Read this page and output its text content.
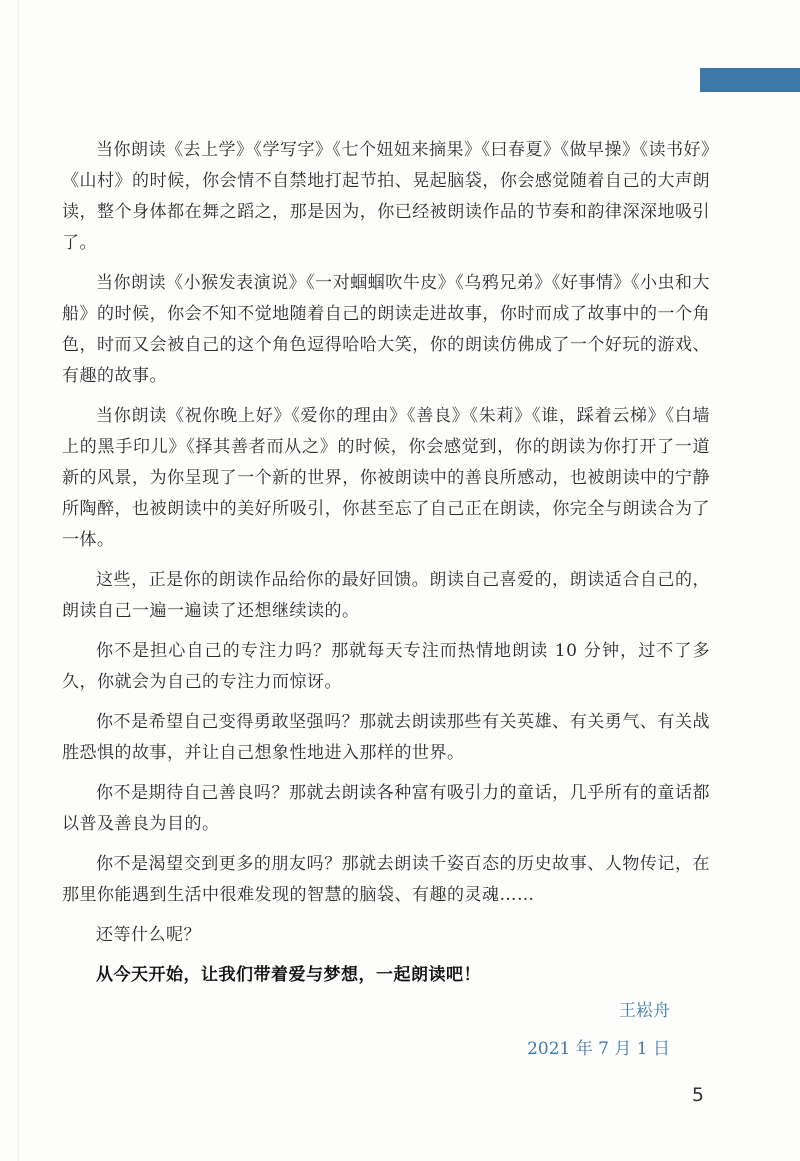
当你朗读《去上学》《学写字》《七个妞妞来摘果》《曰春夏》《做早操》《读书好》《山村》的时候，你会情不自禁地打起节拍、晃起脑袋，你会感觉随着自己的大声朗读，整个身体都在舞之蹈之，那是因为，你已经被朗读作品的节奏和韵律深深地吸引了。

当你朗读《小猴发表演说》《一对蝈蝈吹牛皮》《乌鸦兄弟》《好事情》《小虫和大船》的时候，你会不知不觉地随着自己的朗读走进故事，你时而成了故事中的一个角色，时而又会被自己的这个角色逗得哈哈大笑，你的朗读仿佛成了一个好玩的游戏、有趣的故事。

当你朗读《祝你晚上好》《爱你的理由》《善良》《朱莉》《谁，踩着云梯》《白墙上的黑手印儿》《择其善者而从之》的时候，你会感觉到，你的朗读为你打开了一道新的风景，为你呈现了一个新的世界，你被朗读中的善良所感动，也被朗读中的宁静所陶醉，也被朗读中的美好所吸引，你甚至忘了自己正在朗读，你完全与朗读合为了一体。

这些，正是你的朗读作品给你的最好回馈。朗读自己喜爱的，朗读适合自己的，朗读自己一遍一遍读了还想继续读的。

你不是担心自己的专注力吗？那就每天专注而热情地朗读 10 分钟，过不了多久，你就会为自己的专注力而惊讶。

你不是希望自己变得勇敢坚强吗？那就去朗读那些有关英雄、有关勇气、有关战胜恐惧的故事，并让自己想象性地进入那样的世界。

你不是期待自己善良吗？那就去朗读各种富有吸引力的童话，几乎所有的童话都以普及善良为目的。

你不是渴望交到更多的朋友吗？那就去朗读千姿百态的历史故事、人物传记，在那里你能遇到生活中很难发现的智慧的脑袋、有趣的灵魂……

还等什么呢？

从今天开始，让我们带着爱与梦想，一起朗读吧！

王崧舟
2021 年 7 月 1 日
5
